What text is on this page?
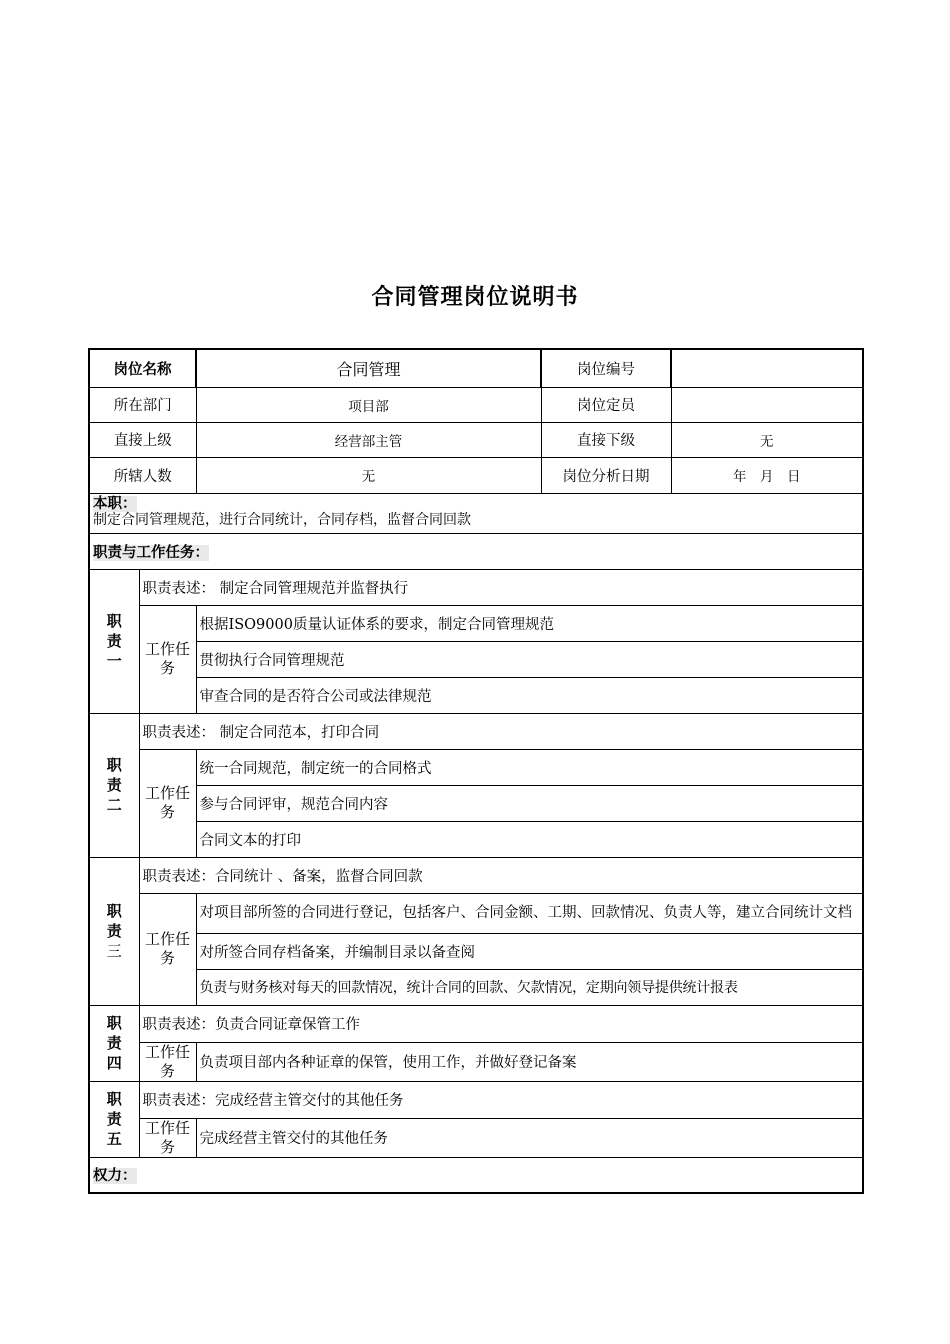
合同管理岗位说明书
岗位名称		合同管理	岗位编号	
所在部门		项目部	岗位定员	
直接上级		经营部主管	直接下级	无
所辖人数		无	岗位分析日期	年　月　日

本职：
制定合同管理规范，进行合同统计，合同存档，监督合同回款				

职责与工作任务：				

职
责
一	职责表述： 制定合同管理规范并监督执行			
	工作任务	根据ISO9000质量认证体系的要求，制定合同管理规范		
		贯彻执行合同管理规范		
		审查合同的是否符合公司或法律规范		

职
责
二	职责表述： 制定合同范本，打印合同			
	工作任务	统一合同规范，制定统一的合同格式		
		参与合同评审，规范合同内容		
		合同文本的打印		

职
责
三	职责表述：合同统计 、备案，监督合同回款			
	工作任务	对项目部所签的合同进行登记，包括客户、合同金额、工期、回款情况、负责人等，建立合同统计文档		
		对所签合同存档备案，并编制目录以备查阅		
		负责与财务核对每天的回款情况，统计合同的回款、欠款情况，定期向领导提供统计报表		

职
责
四	职责表述：负责合同证章保管工作			
	工作任务	负责项目部内各种证章的保管，使用工作，并做好登记备案		

职
责
五	职责表述：完成经营主管交付的其他任务			
	工作任务	完成经营主管交付的其他任务		
权力：				
